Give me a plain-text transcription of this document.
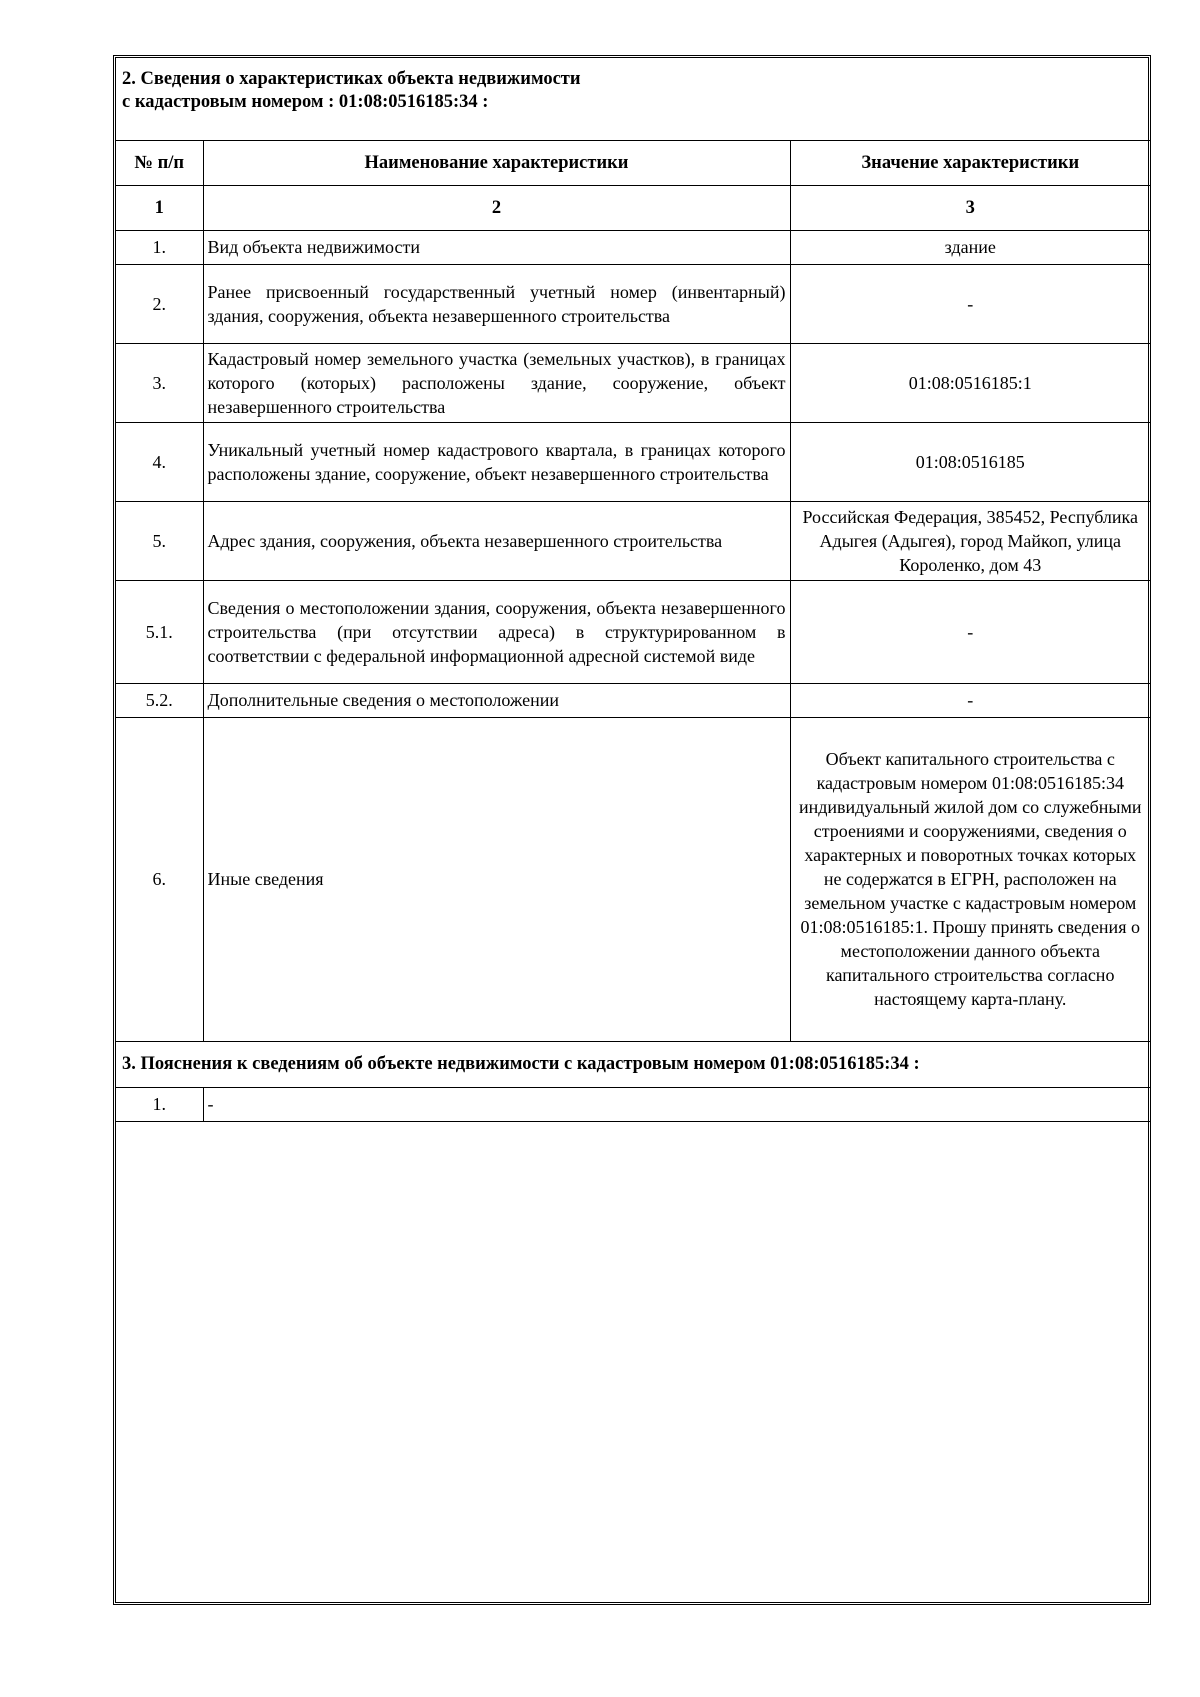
2. Сведения о характеристиках объекта недвижимости
с кадастровым номером : 01:08:0516185:34 :		

№ п/п	Наименование характеристики	Значение характеристики
1	2	3
1.	Вид объекта недвижимости	здание
2.	Ранее присвоенный государственный учетный номер (инвентарный) здания, сооружения, объекта незавершенного строительства	-
3.	Кадастровый номер земельного участка (земельных участков), в границах которого (которых) расположены здание, сооружение, объект незавершенного строительства	01:08:0516185:1
4.	Уникальный учетный номер кадастрового квартала, в границах которого расположены здание, сооружение, объект незавершенного строительства	01:08:0516185
5.	Адрес здания, сооружения, объекта незавершенного строительства	Российская Федерация, 385452, Республика Адыгея (Адыгея), город Майкоп, улица Короленко, дом 43
5.1.	Сведения о местоположении здания, сооружения, объекта незавершенного строительства (при отсутствии адреса) в структурированном в соответствии с федеральной информационной адресной системой виде	-
5.2.	Дополнительные сведения о местоположении	-
6.	Иные сведения	Объект капитального строительства с кадастровым номером 01:08:0516185:34 индивидуальный жилой дом со служебными строениями и сооружениями, сведения о характерных и поворотных точках которых не содержатся в ЕГРН, расположен на земельном участке с кадастровым номером 01:08:0516185:1. Прошу принять сведения о местоположении данного объекта капитального строительства согласно настоящему карта-плану.
3. Пояснения к сведениям об объекте недвижимости с кадастровым номером 01:08:0516185:34 :		
1.	-	
